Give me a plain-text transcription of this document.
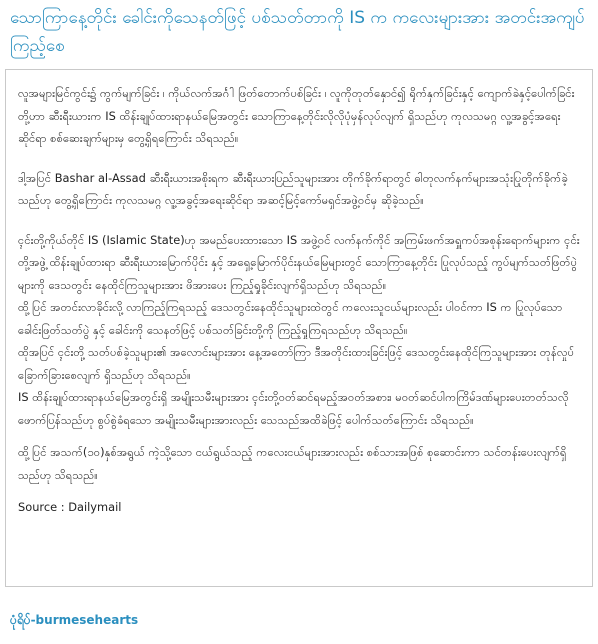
သောကြာနေ့တိုင်း ခေါင်းကိုသေနတ်ဖြင့် ပစ်သတ်တာကို IS က ကလေးများအား အတင်းအကျပ်ကြည့်စေ

လူအများမြင်ကွင်း၌ ကွက်မျက်ခြင်း ၊ ကိုယ်လက်အင်္ဂါ ဖြတ်တောက်ပစ်ခြင်း ၊ လူကိုတုတ်နှောင်၍ ရိုက်နှက်ခြင်းနှင့် ကျောက်ခဲနှင့်ပေါက်ခြင်းတို့ဟာ ဆီးရီးယားက IS ထိန်းချုပ်ထားရာနယ်မြေအတွင်း သောကြာနေ့တိုင်းလိုလိုပုံမှန်လုပ်လျက် ရှိသည်ဟု ကုလသမဂ္ဂ လူ့အခွင့်အရေးဆိုင်ရာ စစ်ဆေးချက်များမှ တွေ့ရှိရကြောင်း သိရသည်။

ဒါ့အပြင် Bashar al-Assad ဆီးရီးယားအစိုးရက ဆီးရီးယားပြည်သူများအား တိုက်ခိုက်ရာတွင် ဓါတုလက်နက်များအသုံးပြုတိုက်ခိုက်ခဲ့သည်ဟု တွေ့ရှိကြောင်း ကုလသမဂ္ဂ လူ့အခွင့်အရေးဆိုင်ရာ အဆင့်မြင့်ကော်မရှင်အဖွဲ့ဝင်မှ ဆိုခဲ့သည်။

ၚင်းတို့ကိုယ်တိုင် IS (Islamic State)ဟု အမည်ပေးထားသော IS အဖွဲ့ဝင် လက်နက်ကိုင် အကြမ်းဖက်အရှူကပ်အစုန်းရောက်များက ၚင်းတို့အဖွဲ့ ထိန်းချုပ်ထားရာ ဆီးရီးယားမြောက်ပိုင်း နှင့် အရှေ့မြောက်ပိုင်းနယ်မြေများတွင် သောကြာနေ့တိုင်း ပြုလုပ်သည့် ကွပ်မျက်သတ်ဖြတ်ပွဲများကို ဒေသတွင်း နေထိုင်ကြသူများအား ဖိအားပေး ကြည့်ရှုခိုင်းလျက်ရှိသည်ဟု သိရသည်။

ထို့ပြင် အတင်းလာခိုင်းလို့ လာကြည့်ကြရသည့် ဒေသတွင်းနေထိုင်သူများထဲတွင် ကလေးသူငယ်များလည်း ပါဝင်ကာ IS က ပြုလုပ်သော ခေါင်းဖြတ်သတ်ပွဲ နှင့် ခေါင်းကို သေနတ်ဖြင့် ပစ်သတ်ခြင်းတို့ကို ကြည့်ရှုကြရသည်ဟု သိရသည်။

ထိုအပြင် ၚင်းတို့ သတ်ပစ်ခဲ့သူများ၏ အလောင်းများအား နေ့အတော်ကြာ ဒီအတိုင်းထားခြင်းဖြင့် ဒေသတွင်းနေထိုင်ကြသူများအား တုန်လှုပ်ခြောက်ခြားစေလျက် ရှိသည်ဟု သိရသည်။

IS ထိန်းချုပ်ထားရာနယ်မြေအတွင်းရှိ အမျိုးသမီးများအား ၚင်းတို့ဝတ်ဆင်ရမည့်အဝတ်အစား၊ မဝတ်ဆင်ပါကကြိမ်ဒဏ်များပေးတတ်သလို ဖောက်ပြန်သည်ဟု စွပ်စွဲခံရသော အမျိုးသမီးများအားလည်း သေသည်အထိခဲဖြင့် ပေါက်သတ်ကြောင်း သိရသည်။

ထို့ပြင် အသက်(၁၀)နှစ်အရွယ် ကဲ့သို့သော ငယ်ရွယ်သည့် ကလေးငယ်များအားလည်း စစ်သားအဖြစ် စုဆောင်းကာ သင်တန်းပေးလျက်ရှိသည်ဟု သိရသည်။

Source : Dailymail

ပုံရိပ်-burmesehearts
